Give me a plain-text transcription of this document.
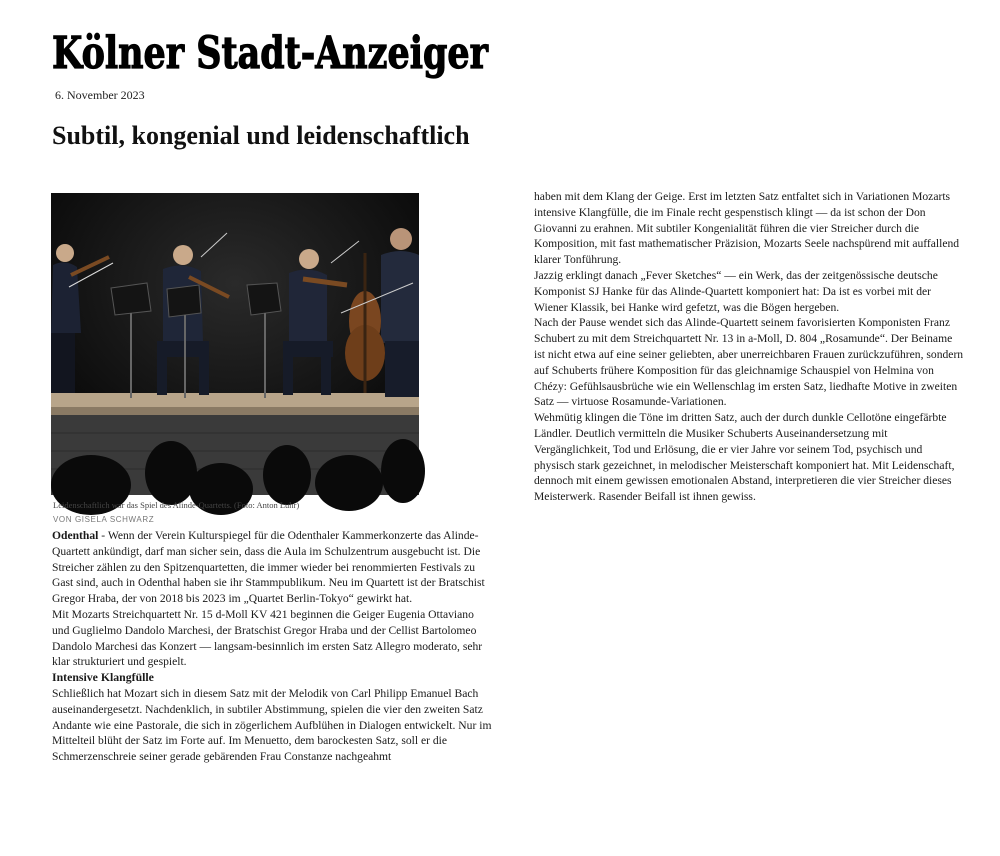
Kölner Stadt-Anzeiger
6. November 2023
Subtil, kongenial und leidenschaftlich
Leidenschaftlich war das Spiel des Alinde-Quartetts. (Foto: Anton Luhr)
VON GISELA SCHWARZ

Odenthal - Wenn der Verein Kulturspiegel für die Odenthaler Kammerkonzerte das Alinde-Quartett ankündigt, darf man sicher sein, dass die Aula im Schulzentrum ausgebucht ist. Die Streicher zählen zu den Spitzenquartetten, die immer wieder bei renommierten Festivals zu Gast sind, auch in Odenthal haben sie ihr Stammpublikum. Neu im Quartett ist der Bratschist Gregor Hraba, der von 2018 bis 2023 im „Quartet Berlin-Tokyo“ gewirkt hat.

Mit Mozarts Streichquartett Nr. 15 d-Moll KV 421 beginnen die Geiger Eugenia Ottaviano und Guglielmo Dandolo Marchesi, der Bratschist Gregor Hraba und der Cellist Bartolomeo Dandolo Marchesi das Konzert — langsam-besinnlich im ersten Satz Allegro moderato, sehr klar strukturiert und gespielt.

Intensive Klangfülle

Schließlich hat Mozart sich in diesem Satz mit der Melodik von Carl Philipp Emanuel Bach auseinandergesetzt. Nachdenklich, in subtiler Abstimmung, spielen die vier den zweiten Satz Andante wie eine Pastorale, die sich in zögerlichem Aufblühen in Dialogen entwickelt. Nur im Mittelteil blüht der Satz im Forte auf. Im Menuetto, dem barockesten Satz, soll er die Schmerzenschreie seiner gerade gebärenden Frau Constanze nachgeahmt

haben mit dem Klang der Geige. Erst im letzten Satz entfaltet sich in Variationen Mozarts intensive Klangfülle, die im Finale recht gespenstisch klingt — da ist schon der Don Giovanni zu erahnen. Mit subtiler Kongenialität führen die vier Streicher durch die Komposition, mit fast mathematischer Präzision, Mozarts Seele nachspürend mit auffallend klarer Tonführung.

Jazzig erklingt danach „Fever Sketches“ — ein Werk, das der zeitgenössische deutsche Komponist SJ Hanke für das Alinde-Quartett komponiert hat: Da ist es vorbei mit der Wiener Klassik, bei Hanke wird gefetzt, was die Bögen hergeben.

Nach der Pause wendet sich das Alinde-Quartett seinem favorisierten Komponisten Franz Schubert zu mit dem Streichquartett Nr. 13 in a-Moll, D. 804 „Rosamunde“. Der Beiname ist nicht etwa auf eine seiner geliebten, aber unerreichbaren Frauen zurückzuführen, sondern auf Schuberts frühere Komposition für das gleichnamige Schauspiel von Helmina von Chézy: Gefühlsausbrüche wie ein Wellenschlag im ersten Satz, liedhafte Motive in zweiten Satz — virtuose Rosamunde-Variationen.

Wehmütig klingen die Töne im dritten Satz, auch der durch dunkle Cellotöne eingefärbte Ländler. Deutlich vermitteln die Musiker Schuberts Auseinandersetzung mit Vergänglichkeit, Tod und Erlösung, die er vier Jahre vor seinem Tod, psychisch und physisch stark gezeichnet, in melodischer Meisterschaft komponiert hat. Mit Leidenschaft, dennoch mit einem gewissen emotionalen Abstand, interpretieren die vier Streicher dieses Meisterwerk. Rasender Beifall ist ihnen gewiss.
